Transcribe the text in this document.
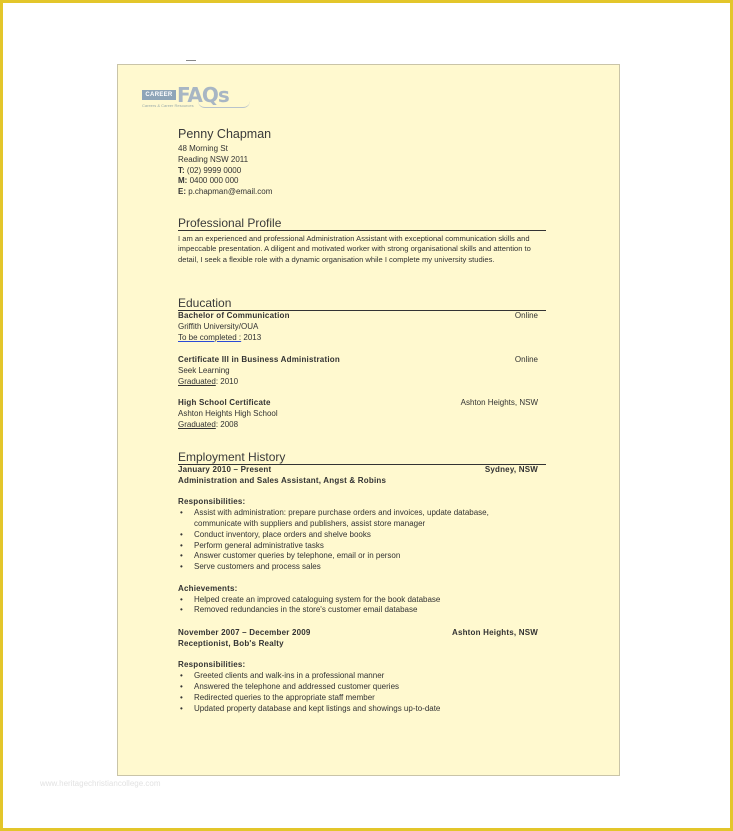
CAREER FAQs
Careers & Career Resources
Penny Chapman
48 Morning St
Reading NSW 2011
T: (02) 9999 0000
M: 0400 000 000
E: p.chapman@email.com
Professional Profile
I am an experienced and professional Administration Assistant with exceptional communication skills and impeccable presentation. A diligent and motivated worker with strong organisational skills and attention to detail, I seek a flexible role with a dynamic organisation while I complete my university studies.
Education
Bachelor of Communication	Online
Griffith University/OUA
To be completed : 2013
Certificate III in Business Administration	Online
Seek Learning
Graduated: 2010
High School Certificate	Ashton Heights, NSW
Ashton Heights High School
Graduated: 2008
Employment History
January 2010 – Present	Sydney, NSW
Administration and Sales Assistant, Angst & Robins
Responsibilities:
• Assist with administration: prepare purchase orders and invoices, update database,
communicate with suppliers and publishers, assist store manager
• Conduct inventory, place orders and shelve books
• Perform general administrative tasks
• Answer customer queries by telephone, email or in person
• Serve customers and process sales
Achievements:
• Helped create an improved cataloguing system for the book database
• Removed redundancies in the store's customer email database
November 2007 – December 2009	Ashton Heights, NSW
Receptionist, Bob's Realty
Responsibilities:
• Greeted clients and walk-ins in a professional manner
• Answered the telephone and addressed customer queries
• Redirected queries to the appropriate staff member
• Updated property database and kept listings and showings up-to-date
www.heritagechristiancollege.com
